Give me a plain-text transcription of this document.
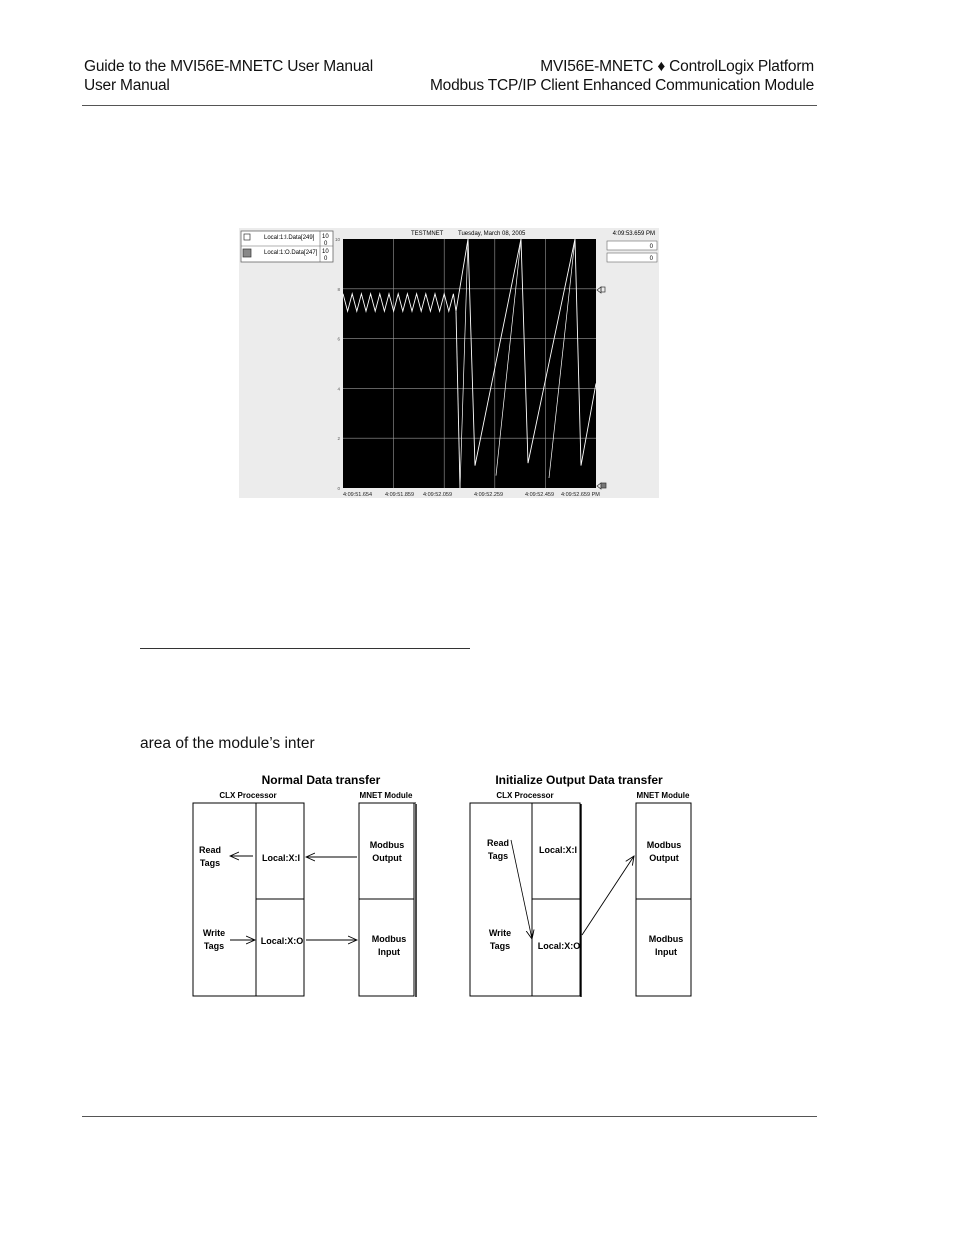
Guide to the MVI56E-MNETC User Manual
User Manual
MVI56E-MNETC ♦ ControlLogix Platform
Modbus TCP/IP Client Enhanced Communication Module
Local:1:I.Data[249] 10
0
Local:1:O.Data[247] 10
0
TESTMNET Tuesday, March 08, 2005	4:09:53.659 PM
0
0
10
8
6
4
2
0
4:09:51.654 4:09:51.859 4:09:52.059	4:09:52.259	4:09:52.459 4:09:52.659 PM
area of the module’s inter
Normal Data transfer
CLX Processor	MNET Module
Read Tags
Write Tags
Local:X:I
Local:X:O
Modbus Output
Modbus Input
Initialize Output Data transfer
CLX Processor	MNET Module
Read Tags
Write Tags
Local:X:I
Local:X:O
Modbus Output
Modbus Input
